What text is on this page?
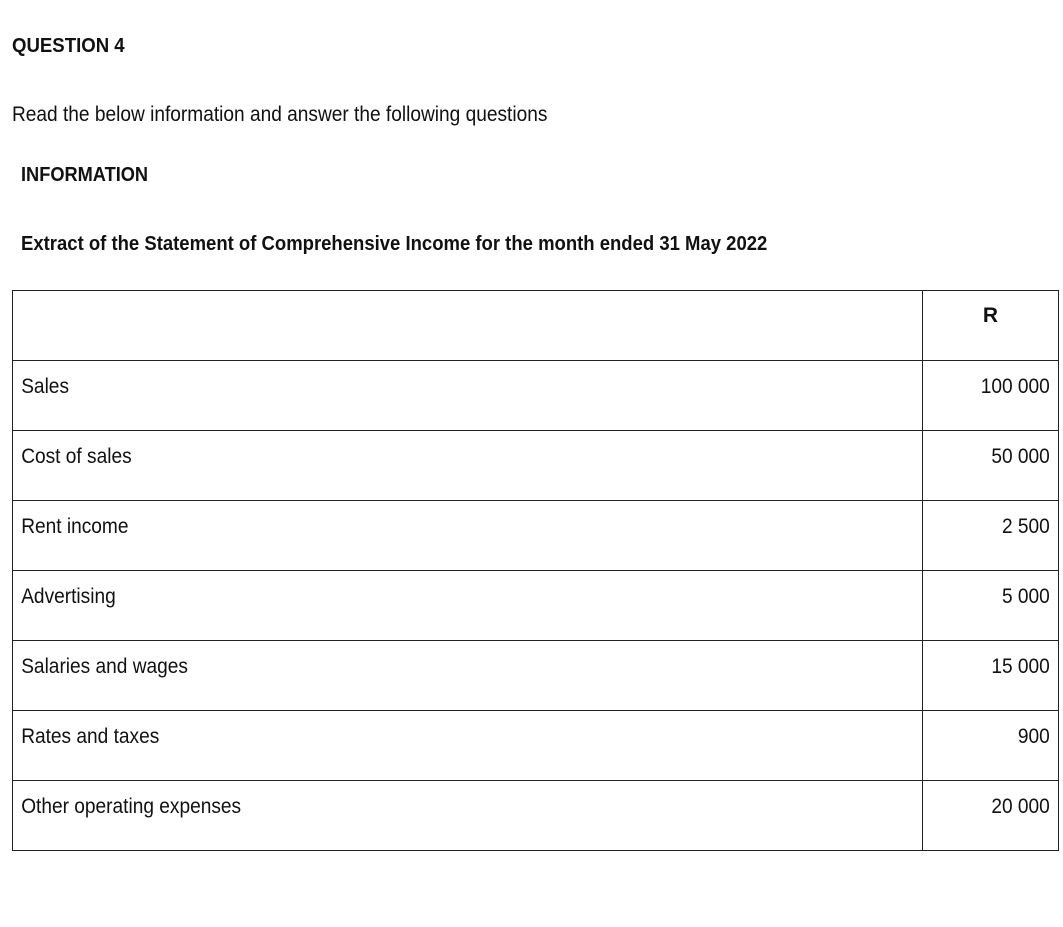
QUESTION 4
Read the below information and answer the following questions
INFORMATION
Extract of the Statement of Comprehensive Income for the month ended 31 May 2022

	R

Sales	100 000

Cost of sales	50 000

Rent income	2 500

Advertising	5 000

Salaries and wages	15 000

Rates and taxes	900

Other operating expenses	20 000
